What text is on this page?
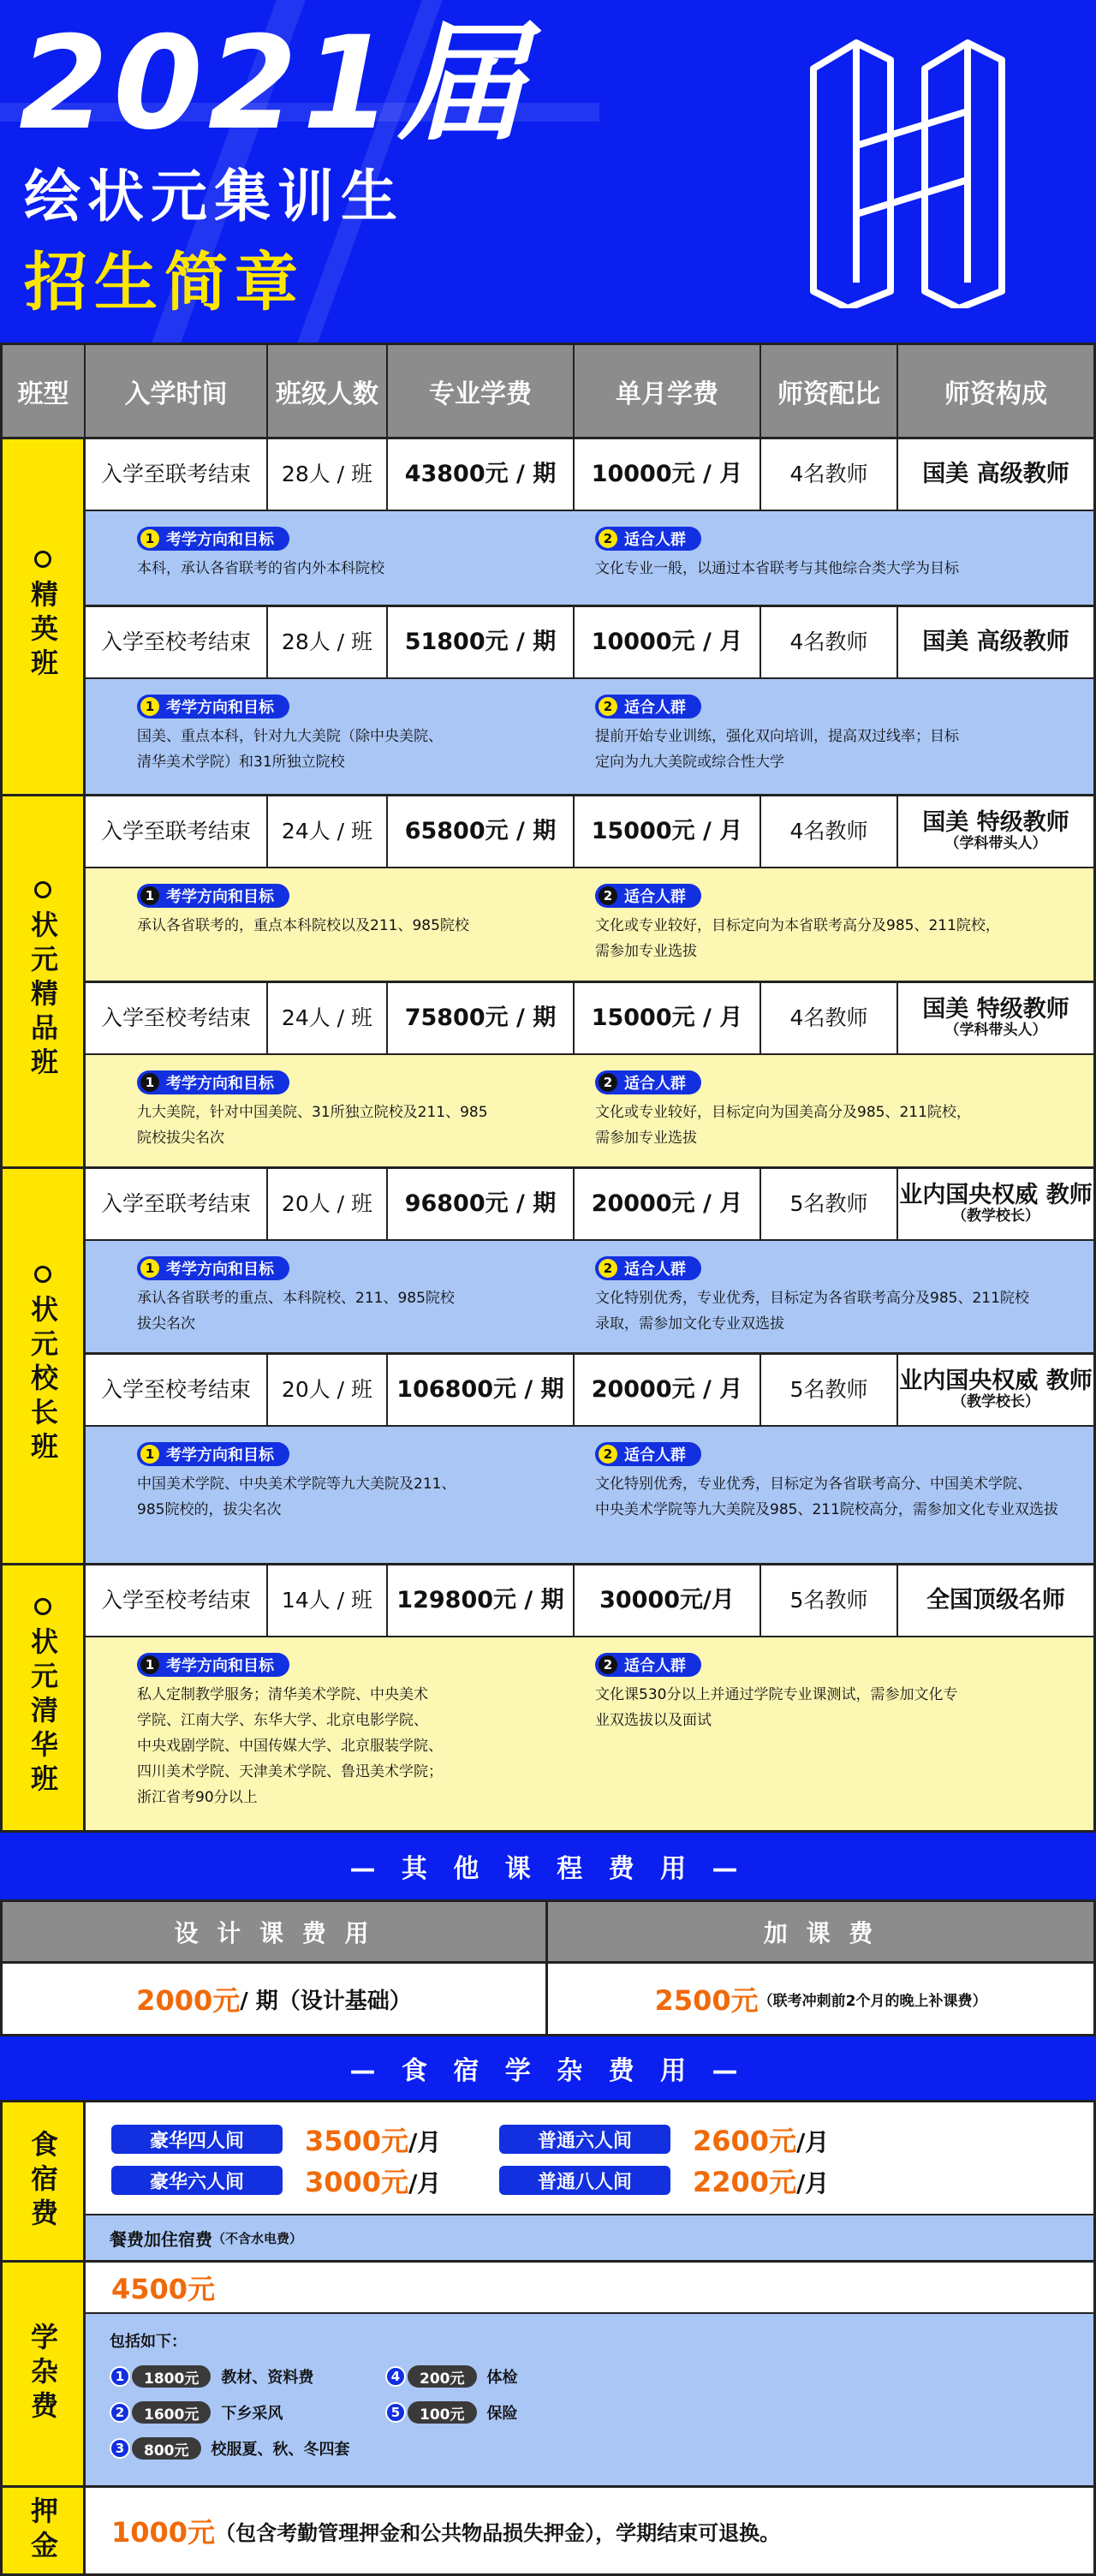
2021届
绘状元集训生
招生简章
班型	入学时间	班级人数	专业学费	单月学费	师资配比	师资构成
精英班
入学至联考结束	28人 / 班	43800元 / 期	10000元 / 月	4名教师	国美 高级教师
1 考学方向和目标

本科，承认各省联考的省内外本科院校

2 适合人群

文化专业一般，以通过本省联考与其他综合类大学为目标

入学至校考结束	28人 / 班	51800元 / 期	10000元 / 月	4名教师	国美 高级教师
1 考学方向和目标

国美、重点本科，针对九大美院（除中央美院、
清华美术学院）和31所独立院校

2 适合人群

提前开始专业训练，强化双向培训，提高双过线率；目标
定向为九大美院或综合性大学

状元精品班
入学至联考结束	24人 / 班	65800元 / 期	15000元 / 月	4名教师	国美 特级教师
（学科带头人）
1 考学方向和目标

承认各省联考的，重点本科院校以及211、985院校

2 适合人群

文化或专业较好，目标定向为本省联考高分及985、211院校，
需参加专业选拔

入学至校考结束	24人 / 班	75800元 / 期	15000元 / 月	4名教师	国美 特级教师
（学科带头人）
1 考学方向和目标

九大美院，针对中国美院、31所独立院校及211、985
院校拔尖名次

2 适合人群

文化或专业较好，目标定向为国美高分及985、211院校，
需参加专业选拔

状元校长班
入学至联考结束	20人 / 班	96800元 / 期	20000元 / 月	5名教师	业内国央权威 教师
（教学校长）
1 考学方向和目标

承认各省联考的重点、本科院校、211、985院校
拔尖名次

2 适合人群

文化特别优秀，专业优秀，目标定为各省联考高分及985、211院校
录取，需参加文化专业双选拔

入学至校考结束	20人 / 班	106800元 / 期	20000元 / 月	5名教师	业内国央权威 教师
（教学校长）
1 考学方向和目标

中国美术学院、中央美术学院等九大美院及211、
985院校的，拔尖名次

2 适合人群

文化特别优秀，专业优秀，目标定为各省联考高分、中国美术学院、
中央美术学院等九大美院及985、211院校高分，需参加文化专业双选拔

状元清华班
入学至校考结束	14人 / 班	129800元 / 期	30000元/月	5名教师	全国顶级名师
1 考学方向和目标

私人定制教学服务；清华美术学院、中央美术
学院、江南大学、东华大学、北京电影学院、
中央戏剧学院、中国传媒大学、北京服装学院、
四川美术学院、天津美术学院、鲁迅美术学院；
浙江省考90分以上

2 适合人群

文化课530分以上并通过学院专业课测试，需参加文化专
业双选拔以及面试

— 其 他 课 程 费 用 —
设 计 课 费 用	加 课 费
2000元 / 期（设计基础）	2500元 （联考冲刺前2个月的晚上补课费）
— 食 宿 学 杂 费 用 —
食宿费	豪华四人间	3500元/月	普通六人间	2600元/月
豪华六人间	3000元/月	普通八人间	2200元/月
餐费加住宿费 （不含水电费）
学杂费
4500元
包括如下：
1	1800元	教材、资料费
2	1600元	下乡采风
3	800元	校服夏、秋、冬四套
4	200元	体检
5	100元	保险
押金 1000元 （包含考勤管理押金和公共物品损失押金），学期结束可退换。
